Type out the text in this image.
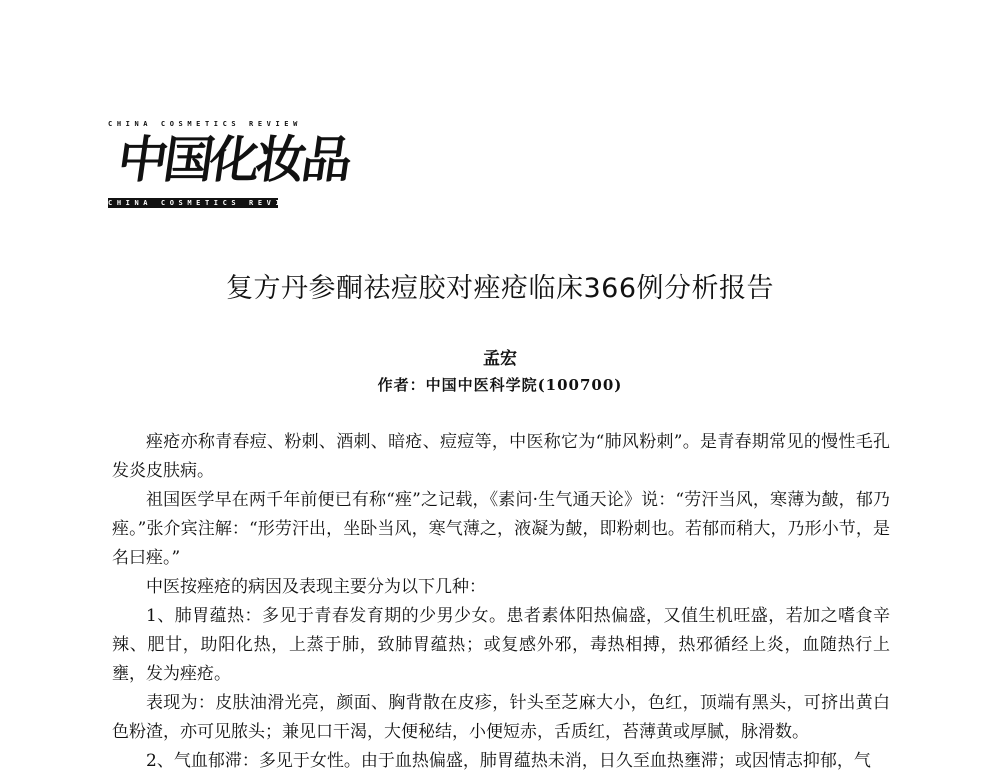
CHINA COSMETICS REVIEW
中国化妆品
CHINA COSMETICS REVIEW
复方丹参酮祛痘胶对痤疮临床366例分析报告
孟宏
作者：中国中医科学院(100700)

痤疮亦称青春痘、粉刺、酒刺、暗疮、痘痘等，中医称它为“肺风粉刺”。是青春期常见的慢性毛孔发炎皮肤病。

祖国医学早在两千年前便已有称“痤”之记载，《素问·生气通天论》说：“劳汗当风，寒薄为皶，郁乃痤。”张介宾注解：“形劳汗出，坐卧当风，寒气薄之，液凝为皶，即粉刺也。若郁而稍大，乃形小节，是名曰痤。”

中医按痤疮的病因及表现主要分为以下几种：

1、肺胃蕴热：多见于青春发育期的少男少女。患者素体阳热偏盛，又值生机旺盛，若加之嗜食辛辣、肥甘，助阳化热，上蒸于肺，致肺胃蕴热；或复感外邪，毒热相搏，热邪循经上炎，血随热行上壅，发为痤疮。

表现为：皮肤油滑光亮，颜面、胸背散在皮疹，针头至芝麻大小，色红，顶端有黑头，可挤出黄白色粉渣，亦可见脓头；兼见口干渴，大便秘结，小便短赤，舌质红，苔薄黄或厚腻，脉滑数。

2、气血郁滞：多见于女性。由于血热偏盛，肺胃蕴热未消，日久至血热壅滞；或因情志抑郁，气
